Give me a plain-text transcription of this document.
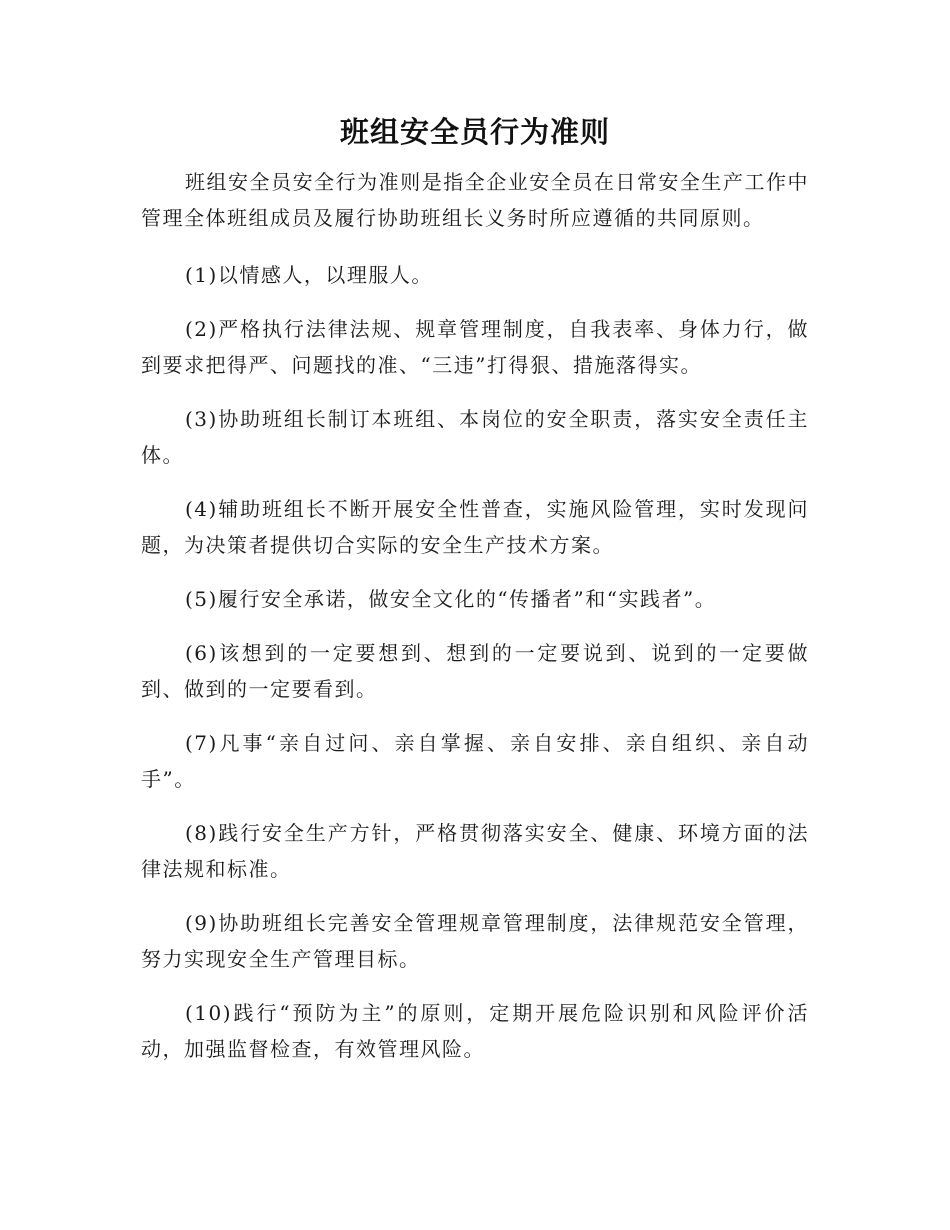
班组安全员行为准则

班组安全员安全行为准则是指全企业安全员在日常安全生产工作中管理全体班组成员及履行协助班组长义务时所应遵循的共同原则。

(1)以情感人，以理服人。

(2)严格执行法律法规、规章管理制度，自我表率、身体力行，做到要求把得严、问题找的准、“三违”打得狠、措施落得实。

(3)协助班组长制订本班组、本岗位的安全职责，落实安全责任主体。

(4)辅助班组长不断开展安全性普查，实施风险管理，实时发现问题，为决策者提供切合实际的安全生产技术方案。

(5)履行安全承诺，做安全文化的“传播者”和“实践者”。

(6)该想到的一定要想到、想到的一定要说到、说到的一定要做到、做到的一定要看到。

(7)凡事“亲自过问、亲自掌握、亲自安排、亲自组织、亲自动手”。

(8)践行安全生产方针，严格贯彻落实安全、健康、环境方面的法律法规和标准。

(9)协助班组长完善安全管理规章管理制度，法律规范安全管理，努力实现安全生产管理目标。

(10)践行“预防为主”的原则，定期开展危险识别和风险评价活动，加强监督检查，有效管理风险。
